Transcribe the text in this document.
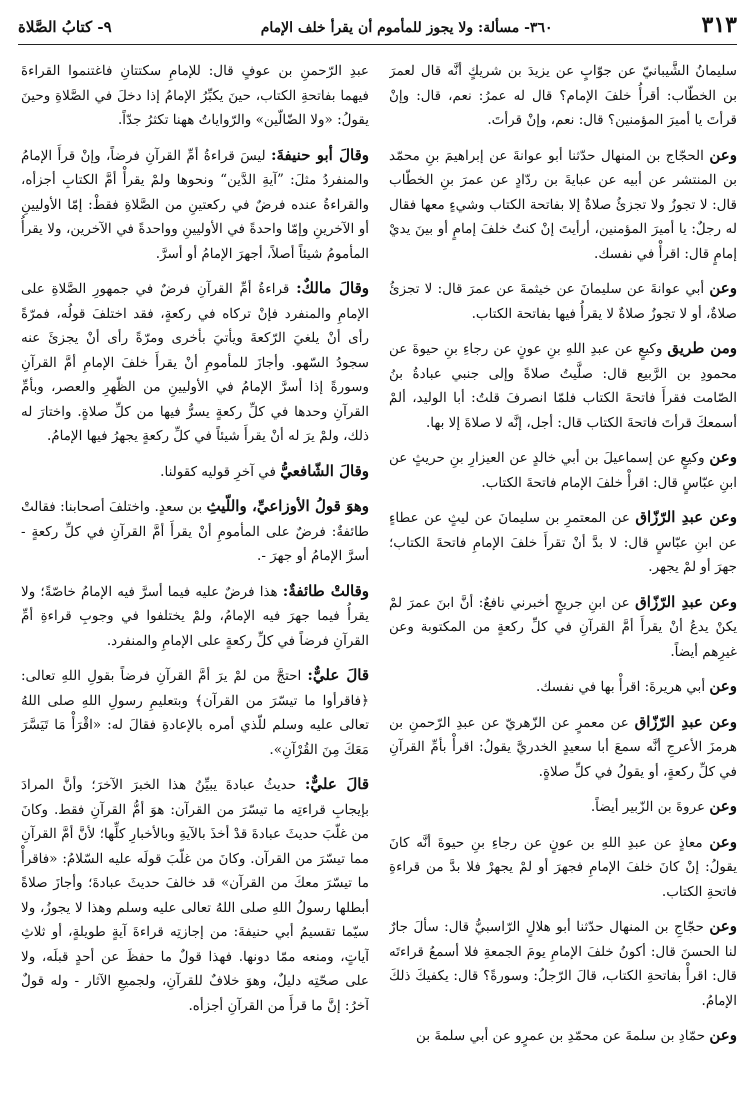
٣١٣
٣٦٠- مسألة: ولا يجوز للمأموم أن يقرأ خلف الإمام
٩- كتابُ الصَّلاة

سليمانُ الشَّيبانيّ عن جوّابٍ عن يزيدَ بن شريكٍ أنَّه قال لعمرَ بن الخطّاب: أقرأُ خلفَ الإمام؟ قال له عمرُ: نعم، قال: وإنْ قرأتَ يا أميرَ المؤمنين؟ قال: نعم، وإنْ قرأتَ.

وعن الحجّاج بن المنهال حدّثنا أبو عوانةَ عن إبراهيمَ بنِ محمّد بن المنتشر عن أبيه عن عبايةَ بن ردّادٍ عن عمرَ بنِ الخطّاب قال: لا تجوزُ ولا تجزئُ صلاةٌ إلا بفاتحة الكتاب وشيءٍ معها فقال له رجلٌ: يا أميرَ المؤمنين، أرأيتَ إنْ كنتُ خلفَ إمامٍ أو بينَ يديْ إمامٍ قال: اقرأْ في نفسك.

وعن أبي عوانةَ عن سليمانَ عن خيثمةَ عن عمرَ قال: لا تجزئُ صلاةٌ، أو لا تجوزُ صلاةٌ لا يقرأُ فيها بفاتحة الكتاب.

ومن طريق وكيعٍ عن عبدِ اللهِ بنِ عونٍ عن رجاءِ بنِ حيوةَ عن محمودِ بن الرَّبيع قال: صلَّيتُ صلاةً وإلى جنبي عبادةُ بنُ الصّامت فقرأَ فاتحةَ الكتاب فلمّا انصرفَ قلتُ: أبا الوليد، ألمْ أسمعكَ قرأتَ فاتحةَ الكتاب قال: أجل، إنَّه لا صلاةَ إلا بها.

وعن وكيعٍ عن إسماعيلَ بن أبي خالدٍ عن العيزارِ بنِ حريثٍ عن ابنِ عبّاسٍ قال: اقرأْ خلفَ الإمام فاتحةَ الكتاب.

وعن عبدِ الرّزّاق عن المعتمرِ بن سليمانَ عن ليثٍ عن عطاءٍ عن ابنِ عبّاسٍ قال: لا بدَّ أنْ تقرأَ خلفَ الإمامِ فاتحةَ الكتاب؛ جهرَ أو لمْ يجهر.

وعن عبدِ الرّزّاق عن ابنِ جريجٍ أخبرني نافعٌ: أنَّ ابنَ عمرَ لمْ يكنْ يدعُ أنْ يقرأَ أمَّ القرآنِ في كلِّ ركعةٍ من المكتوبة وعن غيرِهم أيضاً.

وعن أبي هريرةَ: اقرأْ بها في نفسك.

وعن عبدِ الرّزّاق عن معمرٍ عن الزّهريّ عن عبدِ الرّحمنِ بن هرمزَ الأعرجِ أنَّه سمعَ أبا سعيدٍ الخدريَّ يقولُ: اقرأْ بأمِّ القرآنِ في كلِّ ركعةٍ، أو يقولُ في كلِّ صلاةٍ.

وعن عروةَ بن الزّبير أيضاً.

وعن معاذٍ عن عبدِ اللهِ بن عونٍ عن رجاءِ بنِ حيوةَ أنَّه كانَ يقولُ: إنْ كانَ خلفَ الإمامِ فجهرَ أو لمْ يجهرْ فلا بدَّ من قراءةِ فاتحةِ الكتاب.

وعن حجّاجِ بن المنهال حدّثنا أبو هلالٍ الرّاسبيُّ قال: سألَ جارٌ لنا الحسنَ قال: أكونُ خلفَ الإمامِ يومَ الجمعةِ فلا أسمعُ قراءتَه قال: اقرأْ بفاتحةِ الكتاب، قالَ الرّجلُ: وسورةً؟ قال: يكفيكَ ذلكَ الإمامُ.

وعن حمّادِ بن سلمةَ عن محمّدِ بن عمرٍو عن أبي سلمةَ بن

عبدِ الرّحمنِ بن عوفٍ قال: للإمامِ سكتتانِ فاغتنموا القراءةَ فيهما بفاتحةِ الكتاب، حينَ يكبِّرُ الإمامُ إذا دخلَ في الصَّلاةِ وحينَ يقولُ: «ولا الضّالّين» والرّواياتُ ههنا تكثرُ جدّاً.

وقالَ أبو حنيفةَ: ليسَ قراءةُ أمِّ القرآنِ فرضاً، وإنْ قرأَ الإمامُ والمنفردُ مثلَ: ”آيةِ الدَّين“ ونحوها ولمْ يقرأْ أمَّ الكتابِ أجزأه، والقراءةُ عنده فرضٌ في ركعتينِ من الصَّلاةِ فقطْ: إمّا الأوليينِ أو الآخرينِ وإمّا واحدةً في الأوليينِ وواحدةً في الآخرين، ولا يقرأُ المأمومُ شيئاً أصلاً، أجهرَ الإمامُ أو أسرَّ.

وقالَ مالكٌ: قراءةُ أمِّ القرآنِ فرضٌ في جمهورِ الصَّلاةِ على الإمامِ والمنفرد فإنْ تركاه في ركعةٍ، فقد اختلفَ قولُه، فمرّةً رأى أنْ يلغيَ الرّكعةَ ويأتيَ بأخرى ومرّةً رأى أنْ يجزئَ عنه سجودُ السّهو. وأجازَ للمأمومِ أنْ يقرأَ خلفَ الإمامِ أمَّ القرآنِ وسورةً إذا أسرَّ الإمامُ في الأوليينِ من الظّهرِ والعصر، وبأمِّ القرآنِ وحدها في كلِّ ركعةٍ يسرُّ فيها من كلِّ صلاةٍ. واختارَ له ذلك، ولمْ يرَ له أنْ يقرأَ شيئاً في كلِّ ركعةٍ يجهرُ فيها الإمامُ.

وقالَ الشّافعيُّ في آخرِ قوليه كقولنا.

وهوَ قولُ الأوزاعيِّ، واللّيثِ بن سعدٍ. واختلفَ أصحابنا: فقالتْ طائفةٌ: فرضٌ على المأمومِ أنْ يقرأَ أمَّ القرآنِ في كلِّ ركعةٍ - أسرَّ الإمامُ أو جهرَ -.

وقالتْ طائفةٌ: هذا فرضٌ عليه فيما أسرَّ فيه الإمامُ خاصّةً؛ ولا يقرأُ فيما جهرَ فيه الإمامُ، ولمْ يختلفوا في وجوبِ قراءةِ أمِّ القرآنِ فرضاً في كلِّ ركعةٍ على الإمامِ والمنفرد.

قالَ عليٌّ: احتجَّ من لمْ يرَ أمَّ القرآنِ فرضاً بقولِ اللهِ تعالى: ﴿فاقرأوا ما تيسّرَ من القرآن﴾ وبتعليمِ رسولِ اللهِ صلى اللهُ تعالى عليه وسلم للّذي أمره بالإعادةِ فقالَ له: «اقْرَأْ مَا تَيَسَّرَ مَعَكَ مِنَ القُرْآنِ».

قالَ عليٌّ: حديثُ عبادةَ يبيِّنُ هذا الخبرَ الآخرَ؛ وأنَّ المرادَ بإيجابِ قراءتِه ما تيسّرَ من القرآن: هوَ أمُّ القرآنِ فقط. وكانَ من غلّبَ حديثَ عبادةَ قدْ أخذَ بالآيةِ وبالأخبارِ كلِّها؛ لأنَّ أمَّ القرآنِ مما تيسّرَ من القرآن. وكانَ من غلّبَ قولَه عليه السّلامُ: «فاقرأْ ما تيسّرَ معكَ من القرآن» قد خالفَ حديثَ عبادةَ؛ وأجازَ صلاةً أبطلها رسولُ اللهِ صلى اللهُ تعالى عليه وسلم وهذا لا يجوزُ، ولا سيّما تقسيمُ أبي حنيفةَ: من إجازتِه قراءةَ آيةٍ طويلةٍ، أو ثلاثِ آياتٍ، ومنعه ممّا دونها. فهذا قولٌ ما حفظَ عن أحدٍ قبلَه، ولا على صحّتِه دليلٌ، وهوَ خلافٌ للقرآنِ، ولجميعِ الآثار - وله قولٌ آخرُ: إنَّ ما قرأَ من القرآنِ أجزأه.
